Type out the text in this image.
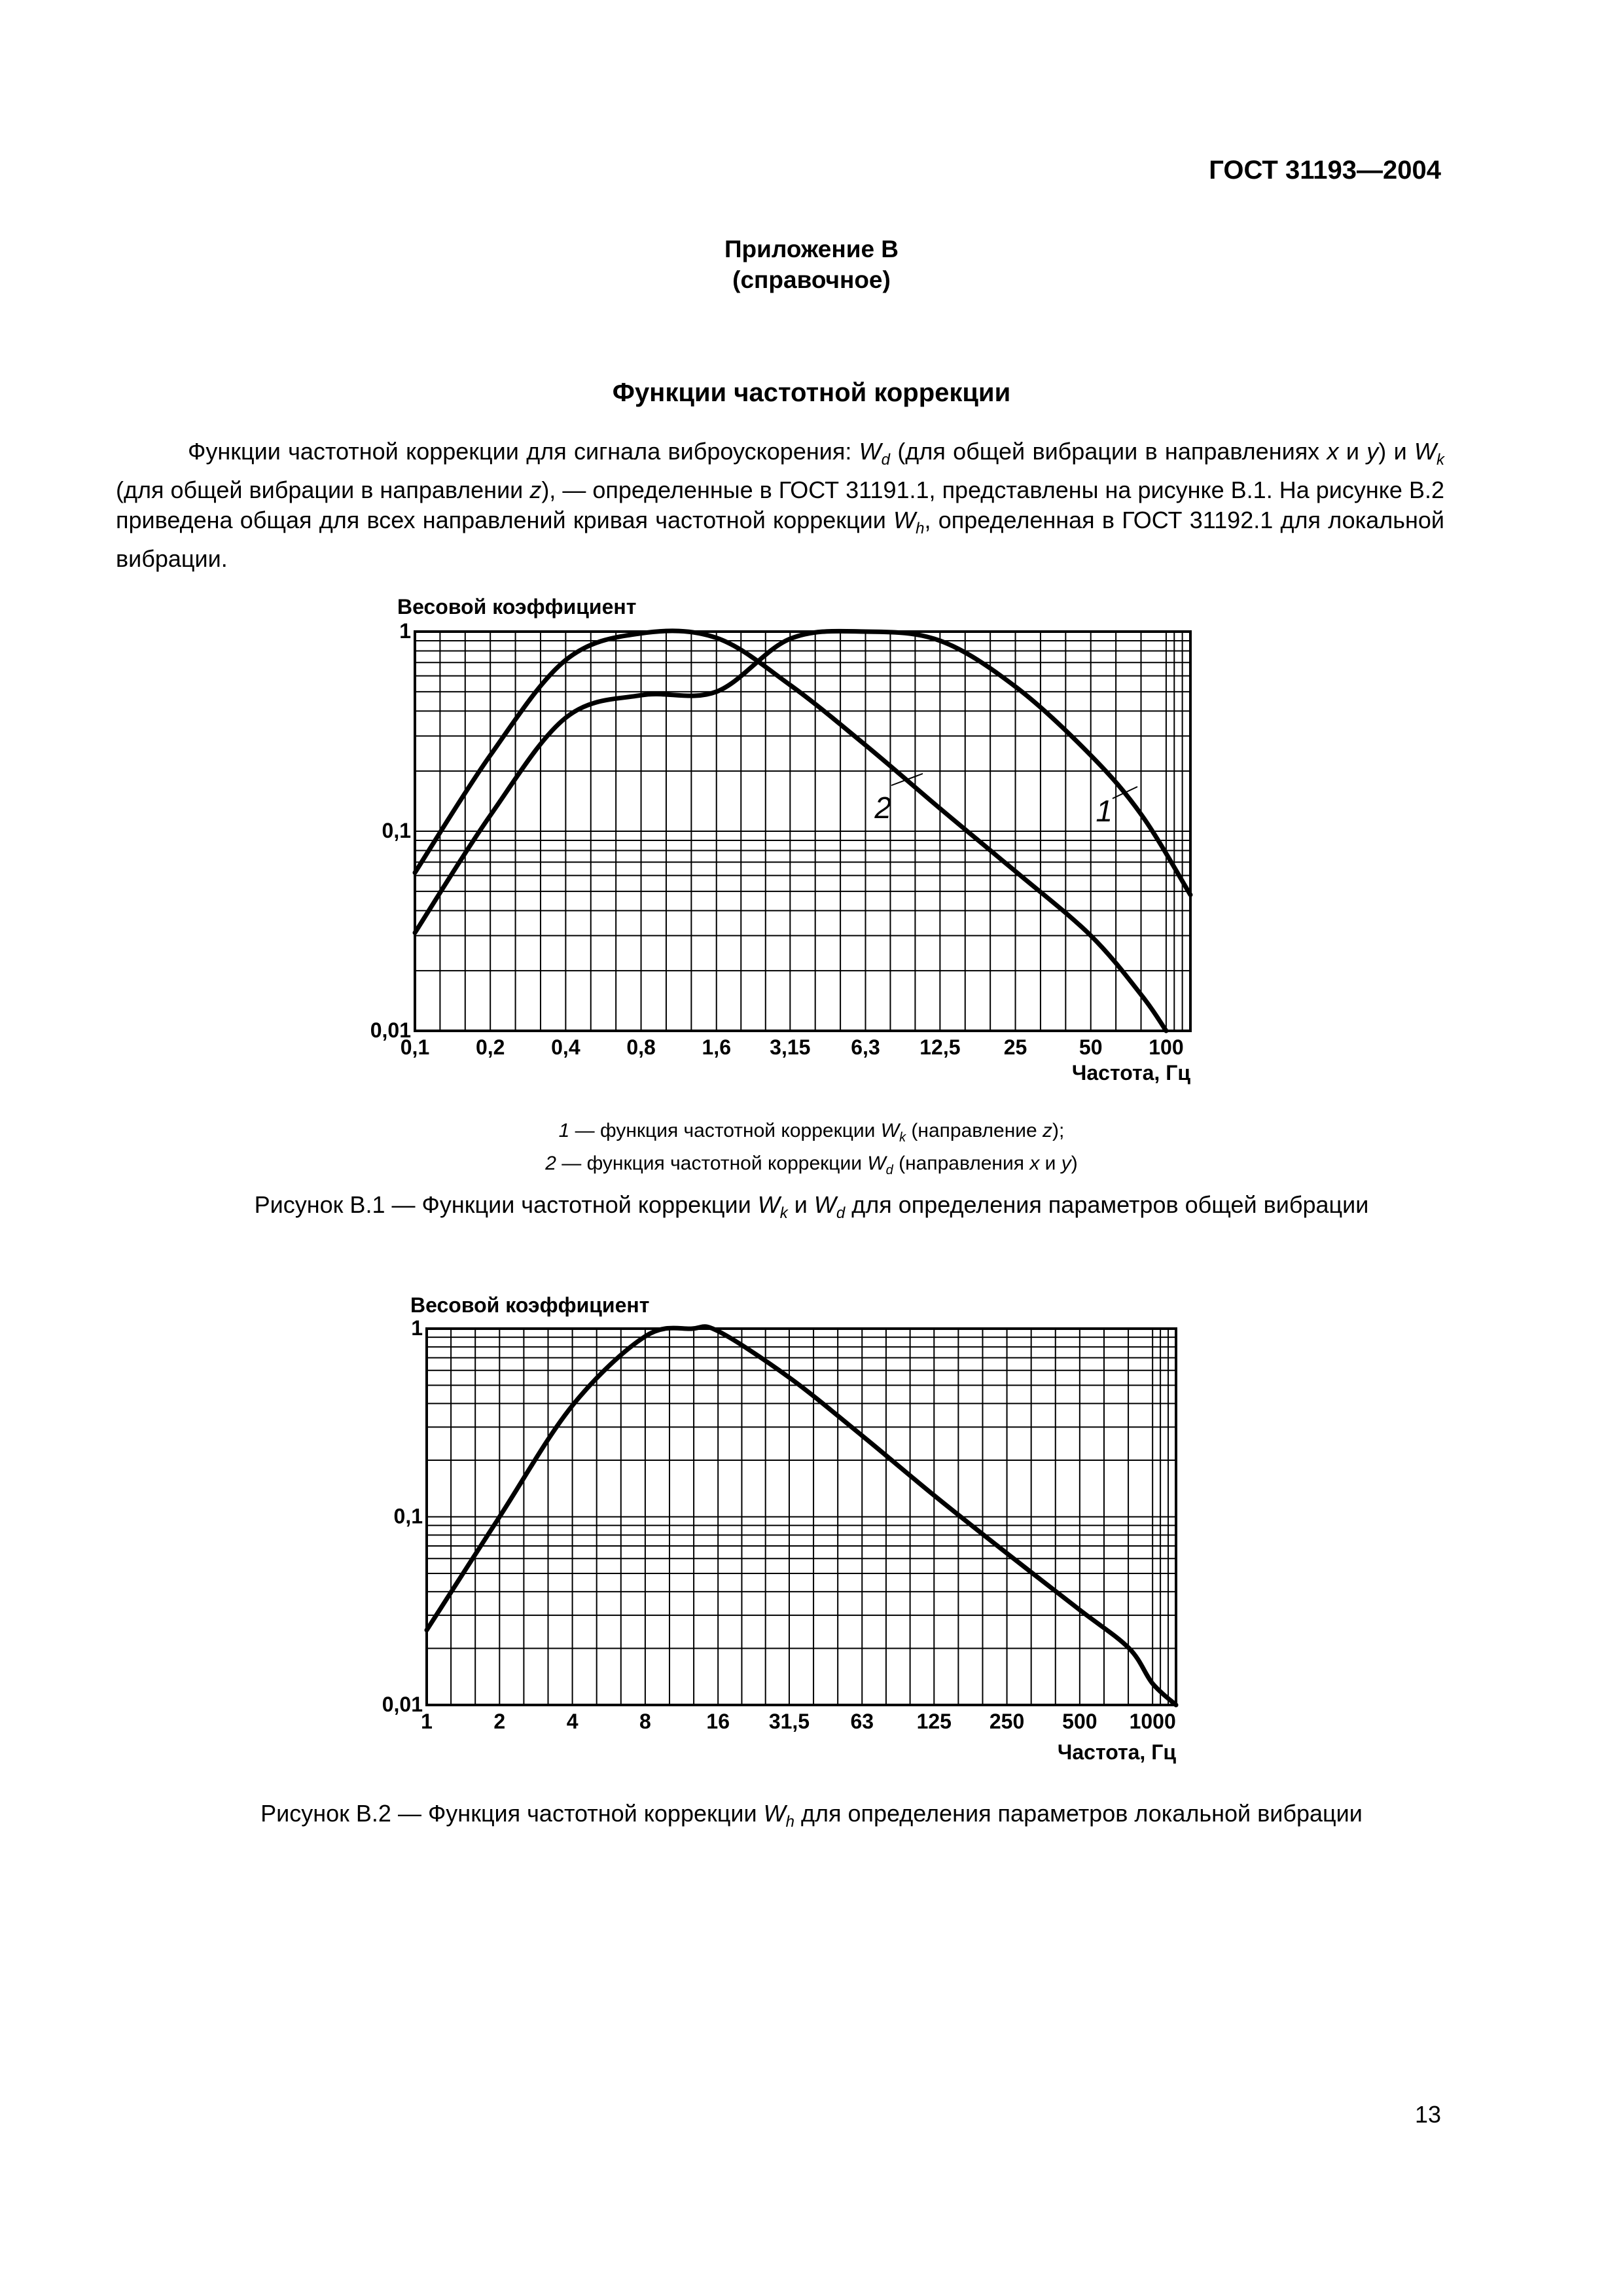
ГОСТ 31193—2004
Приложение В
(справочное)
Функции частотной коррекции
Функции частотной коррекции для сигнала виброускорения: $W_d$ (для общей вибрации в направлениях x и y) и $W_k$ (для общей вибрации в направлении z), — определенные в ГОСТ 31191.1, представлены на рисунке В.1. На рисунке В.2 приведена общая для всех направлений кривая частотной коррекции $W_h$, определенная в ГОСТ 31192.1 для локальной вибрации.
Весовой коэффициент
0,01
0,1
1
0,1 0,2 0,4 0,8 1,6 3,15 6,3 12,5 25 50 100
2	1
Частота, Гц
1 — функция частотной коррекции $W_k$ (направление z);
2 — функция частотной коррекции $W_d$ (направления x и y)
Рисунок В.1 — Функции частотной коррекции $W_k$ и $W_d$ для определения параметров общей вибрации
Весовой коэффициент
0,01
0,1
1
1	2	4	8	16 31,5 63 125 250 500 1000
Частота, Гц
Рисунок В.2 — Функция частотной коррекции $W_h$ для определения параметров локальной вибрации
13
